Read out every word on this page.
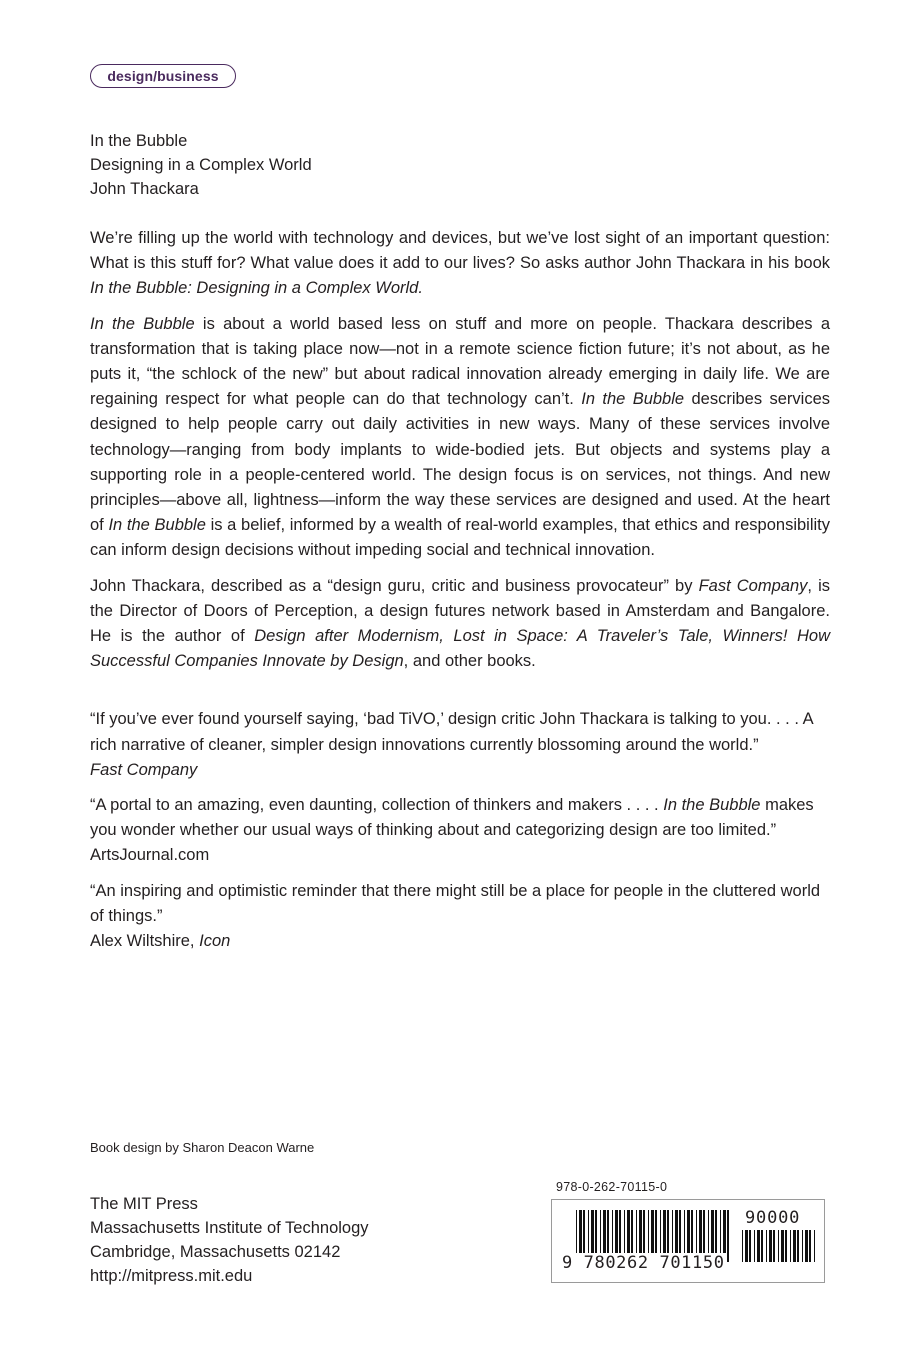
design/business
In the Bubble
Designing in a Complex World
John Thackara

We’re filling up the world with technology and devices, but we’ve lost sight of an important question: What is this stuff for? What value does it add to our lives? So asks author John Thackara in his book In the Bubble: Designing in a Complex World.

In the Bubble is about a world based less on stuff and more on people. Thackara describes a transformation that is taking place now—not in a remote science fiction future; it’s not about, as he puts it, “the schlock of the new” but about radical innovation already emerging in daily life. We are regaining respect for what people can do that technology can’t. In the Bubble describes services designed to help people carry out daily activities in new ways. Many of these services involve technology—ranging from body implants to wide-bodied jets. But objects and systems play a supporting role in a people-centered world. The design focus is on services, not things. And new principles—above all, lightness—inform the way these services are designed and used. At the heart of In the Bubble is a belief, informed by a wealth of real-world examples, that ethics and responsibility can inform design decisions without impeding social and technical innovation.

John Thackara, described as a “design guru, critic and business provocateur” by Fast Company, is the Director of Doors of Perception, a design futures network based in Amsterdam and Bangalore. He is the author of Design after Modernism, Lost in Space: A Traveler’s Tale, Winners! How Successful Companies Innovate by Design, and other books.

“If you’ve ever found yourself saying, ‘bad TiVO,’ design critic John Thackara is talking to you. . . . A rich narrative of cleaner, simpler design innovations currently blossoming around the world.”
Fast Company

“A portal to an amazing, even daunting, collection of thinkers and makers . . . . In the Bubble makes you wonder whether our usual ways of thinking about and categorizing design are too limited.”
ArtsJournal.com

“An inspiring and optimistic reminder that there might still be a place for people in the cluttered world of things.”
Alex Wiltshire, Icon

Book design by Sharon Deacon Warne
The MIT Press
Massachusetts Institute of Technology
Cambridge, Massachusetts 02142
http://mitpress.mit.edu
978-0-262-70115-0
9 780262 701150
90000
